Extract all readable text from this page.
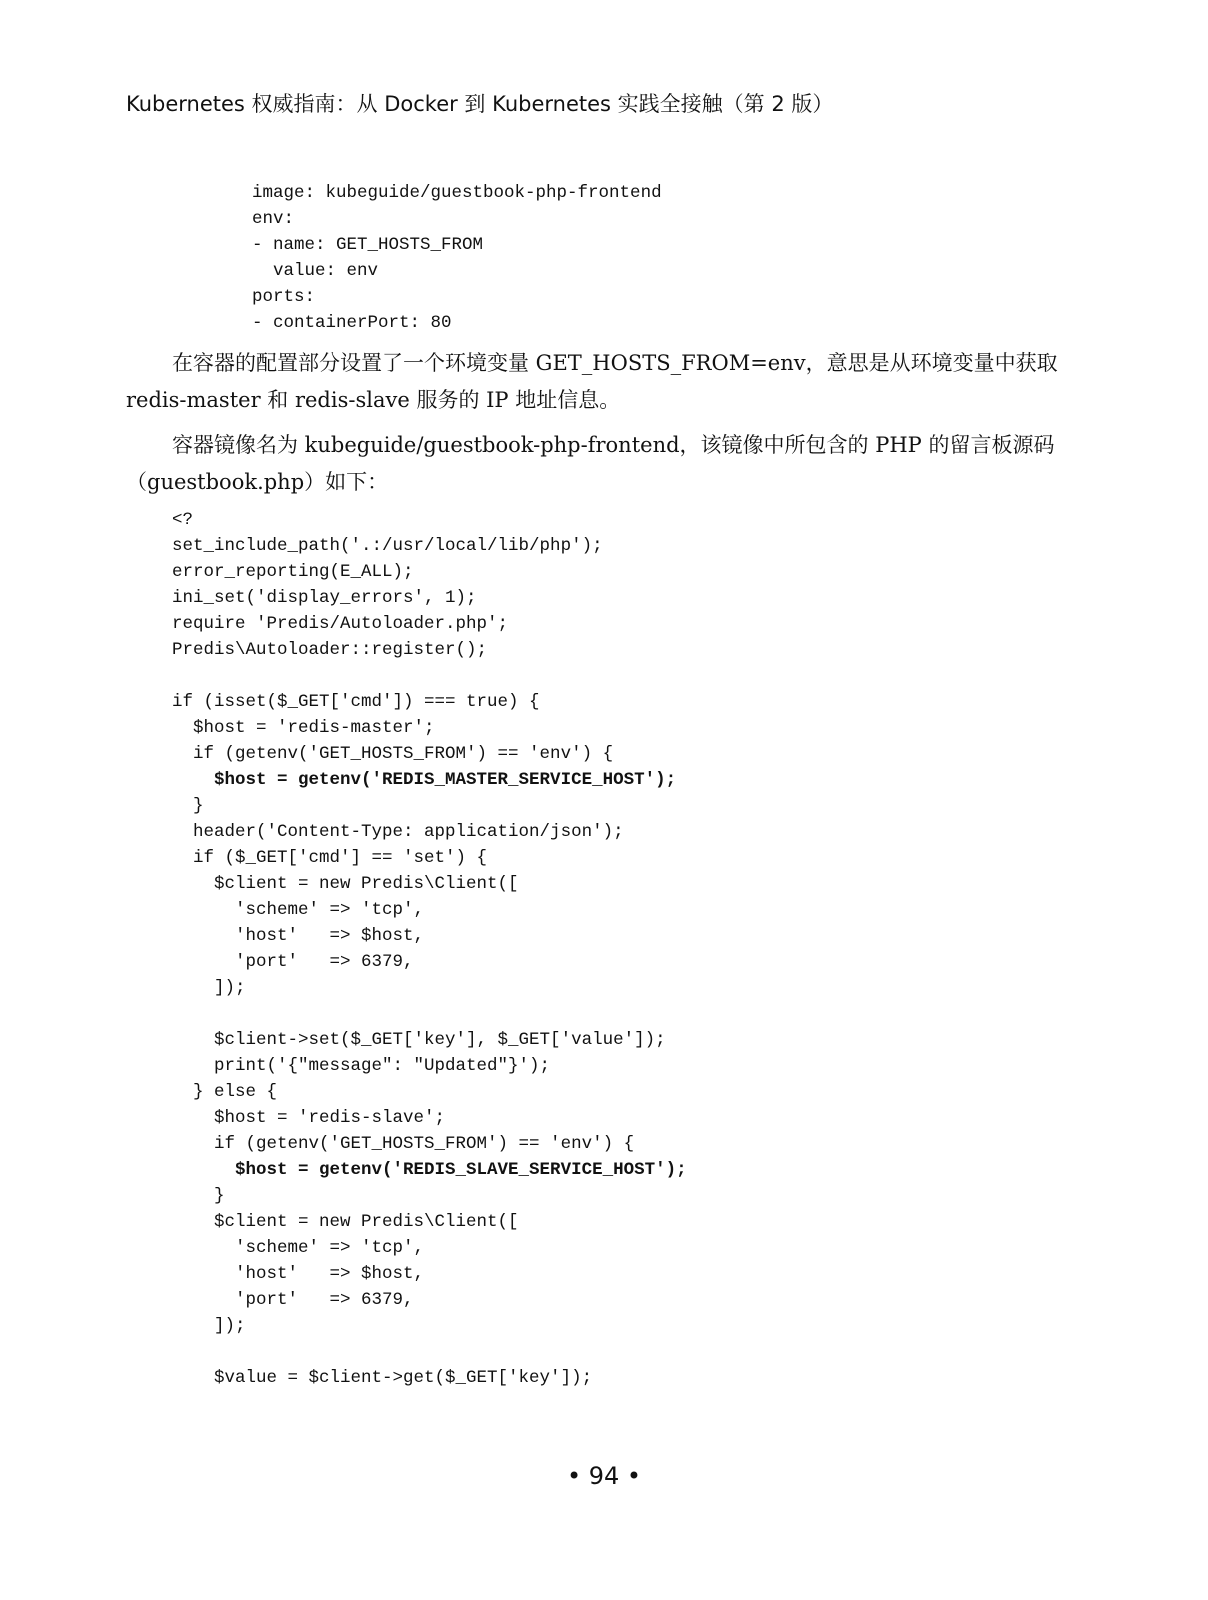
Kubernetes 权威指南：从 Docker 到 Kubernetes 实践全接触（第 2 版）
image: kubeguide/guestbook-php-frontend
env:
- name: GET_HOSTS_FROM
value: env
ports:
- containerPort: 80
在容器的配置部分设置了一个环境变量 GET_HOSTS_FROM=env，意思是从环境变量中获取 redis-master 和 redis-slave 服务的 IP 地址信息。
容器镜像名为 kubeguide/guestbook-php-frontend，该镜像中所包含的 PHP 的留言板源码（guestbook.php）如下：
<?
set_include_path('.:/usr/local/lib/php');
error_reporting(E_ALL);
ini_set('display_errors', 1);
require 'Predis/Autoloader.php';
Predis\Autoloader::register();
if (isset($_GET['cmd']) === true) {
$host = 'redis-master';
if (getenv('GET_HOSTS_FROM') == 'env') {
$host = getenv('REDIS_MASTER_SERVICE_HOST');
}
header('Content-Type: application/json');
if ($_GET['cmd'] == 'set') {
$client = new Predis\Client([
'scheme' => 'tcp',
'host'   => $host,
'port'   => 6379,
]);
$client->set($_GET['key'], $_GET['value']);
print('{"message": "Updated"}');
} else {
$host = 'redis-slave';
if (getenv('GET_HOSTS_FROM') == 'env') {
$host = getenv('REDIS_SLAVE_SERVICE_HOST');
}
$client = new Predis\Client([
'scheme' => 'tcp',
'host'   => $host,
'port'   => 6379,
]);
$value = $client->get($_GET['key']);
• 94 •
